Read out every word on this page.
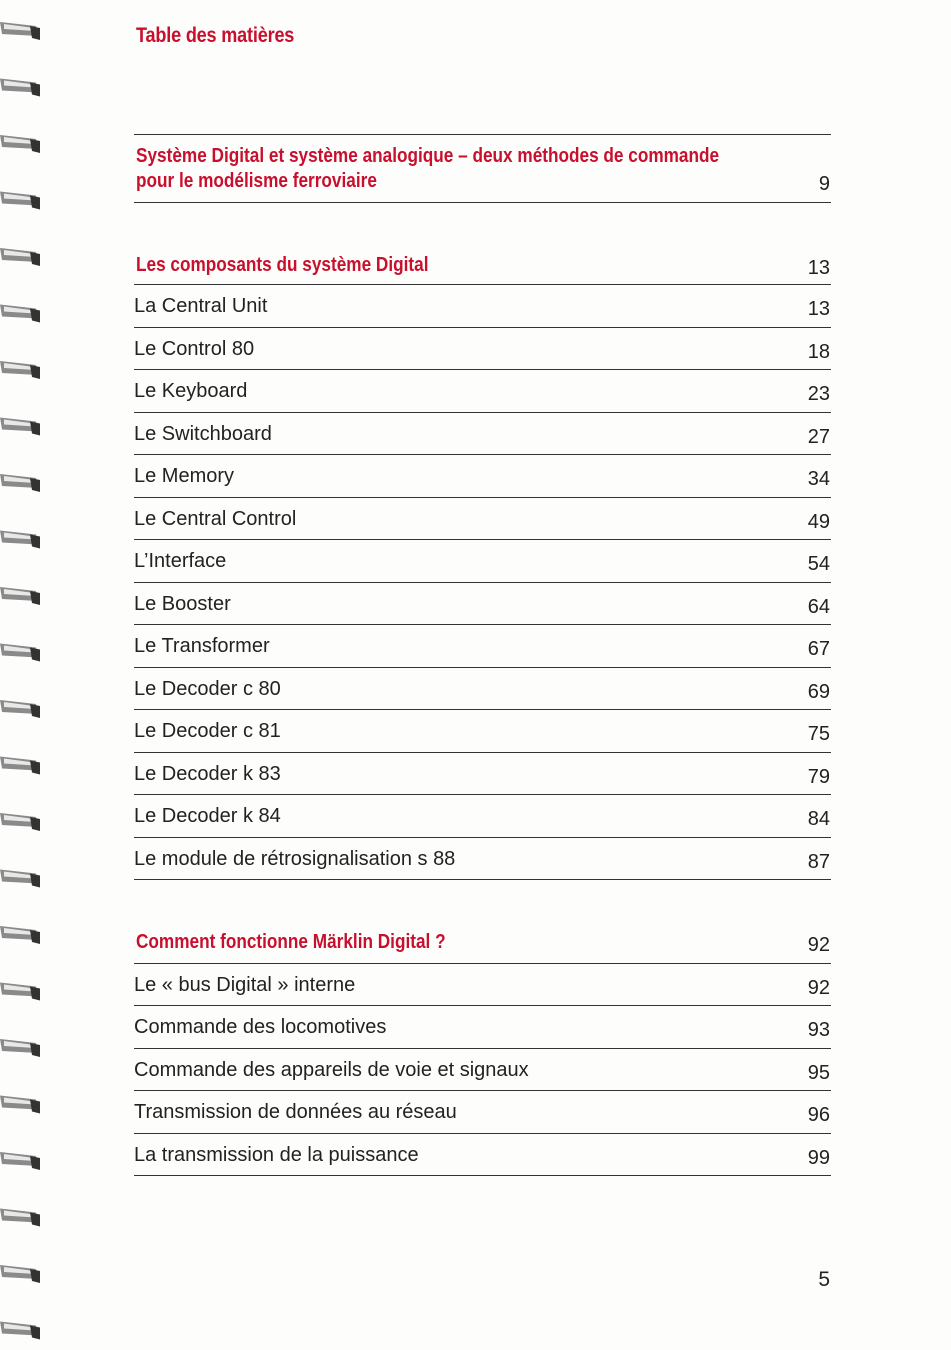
Table des matières
Système Digital et système analogique – deux méthodes de commande
pour le modélisme ferroviaire	9
Les composants du système Digital	13
La Central Unit	13
Le Control 80	18
Le Keyboard	23
Le Switchboard	27
Le Memory	34
Le Central Control	49
L’Interface	54
Le Booster	64
Le Transformer	67
Le Decoder c 80	69
Le Decoder c 81	75
Le Decoder k 83	79
Le Decoder k 84	84
Le module de rétrosignalisation s 88	87
Comment fonctionne Märklin Digital ?	92
Le « bus Digital » interne	92
Commande des locomotives	93
Commande des appareils de voie et signaux	95
Transmission de données au réseau	96
La transmission de la puissance	99
5
